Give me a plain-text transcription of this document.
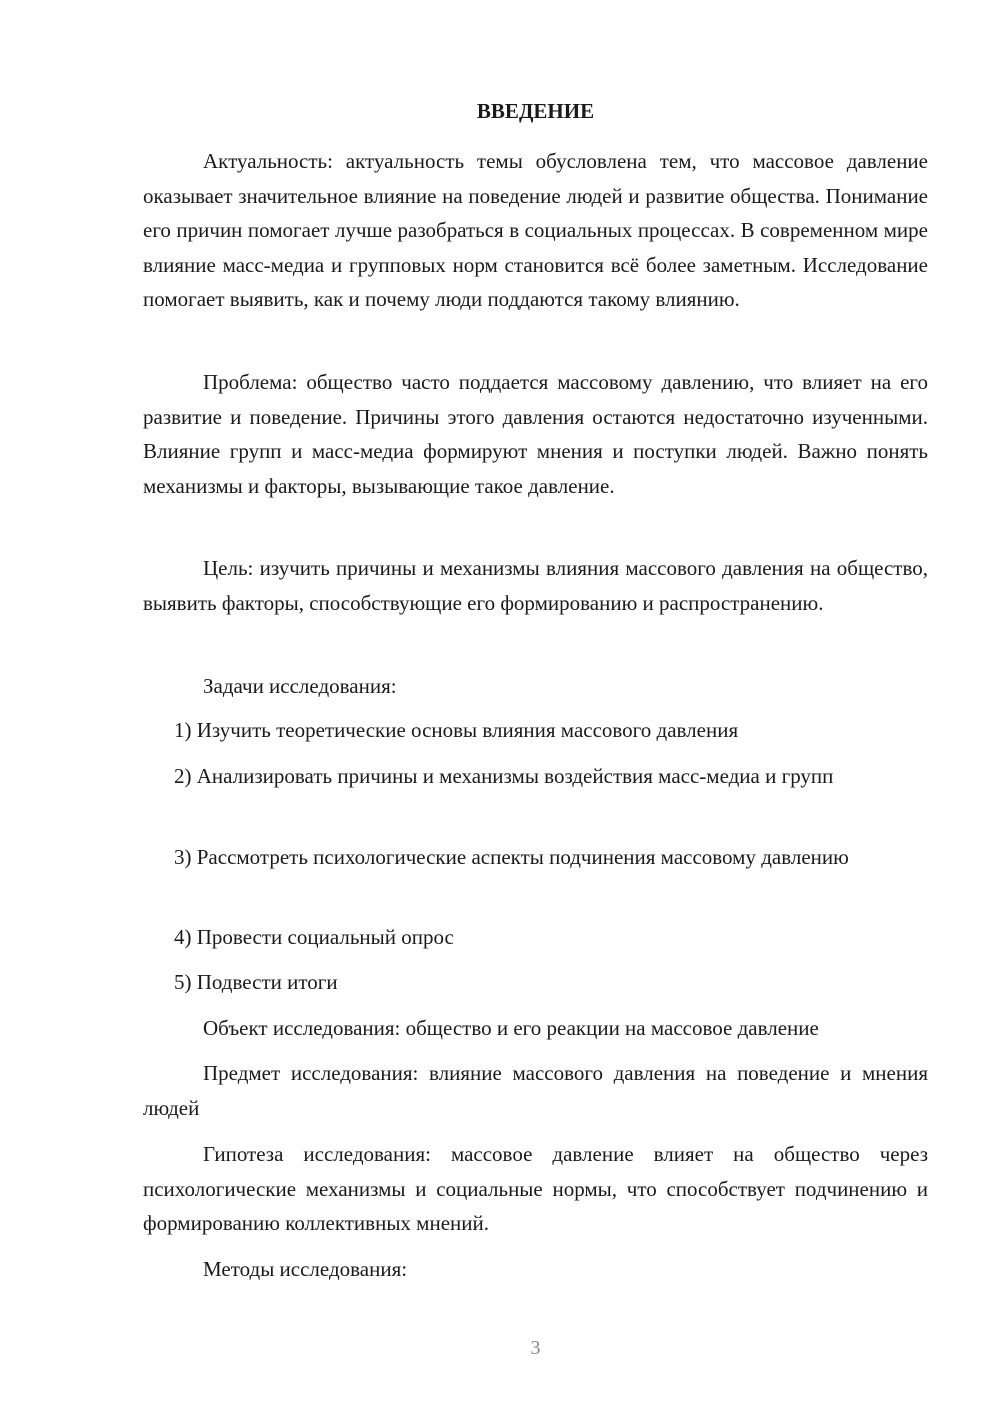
ВВЕДЕНИЕ

Актуальность: актуальность темы обусловлена тем, что массовое давление оказывает значительное влияние на поведение людей и развитие общества. Понимание его причин помогает лучше разобраться в социальных процессах. В современном мире влияние масс-медиа и групповых норм становится всё более заметным. Исследование помогает выявить, как и почему люди поддаются такому влиянию.

Проблема: общество часто поддается массовому давлению, что влияет на его развитие и поведение. Причины этого давления остаются недостаточно изученными. Влияние групп и масс-медиа формируют мнения и поступки людей. Важно понять механизмы и факторы, вызывающие такое давление.

Цель: изучить причины и механизмы влияния массового давления на общество, выявить факторы, способствующие его формированию и распространению.

Задачи исследования:

1) Изучить теоретические основы влияния массового давления

2) Анализировать причины и механизмы воздействия масс-медиа и групп

3) Рассмотреть психологические аспекты подчинения массовому давлению

4) Провести социальный опрос

5) Подвести итоги

Объект исследования: общество и его реакции на массовое давление

Предмет исследования: влияние массового давления на поведение и мнения людей

Гипотеза исследования: массовое давление влияет на общество через психологические механизмы и социальные нормы, что способствует подчинению и формированию коллективных мнений.

Методы исследования:

3
